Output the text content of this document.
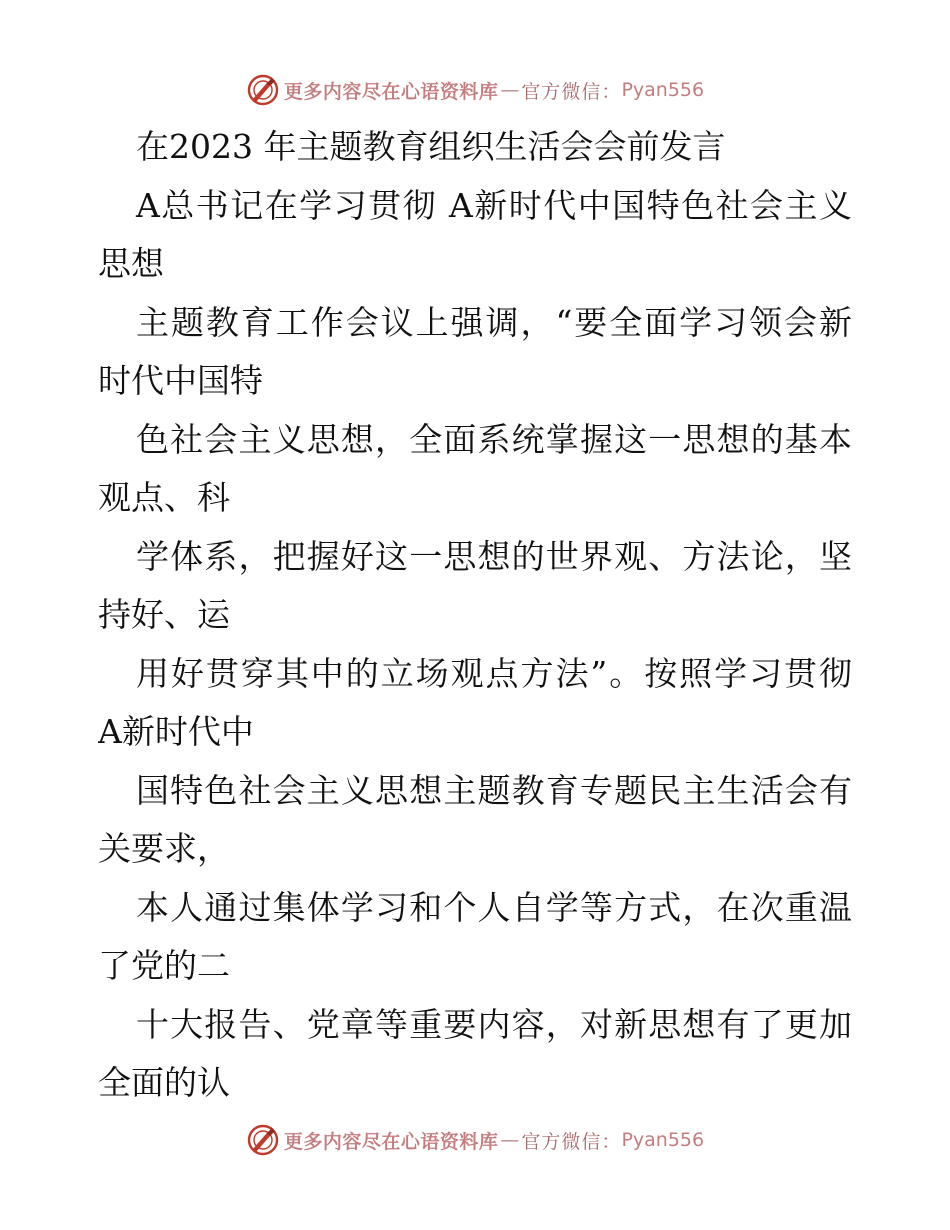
更多内容尽在心语资料库 — 官方微信： Pyan556
在2023 年主题教育组织生活会会前发言
A总书记在学习贯彻 A新时代中国特色社会主义
思想
主题教育工作会议上强调，“要全面学习领会新
时代中国特
色社会主义思想，全面系统掌握这一思想的基本
观点、科
学体系，把握好这一思想的世界观、方法论，坚
持好、运
用好贯穿其中的立场观点方法”。按照学习贯彻
A新时代中
国特色社会主义思想主题教育专题民主生活会有
关要求，
本人通过集体学习和个人自学等方式，在次重温
了党的二
十大报告、党章等重要内容，对新思想有了更加
全面的认
更多内容尽在心语资料库 — 官方微信： Pyan556
